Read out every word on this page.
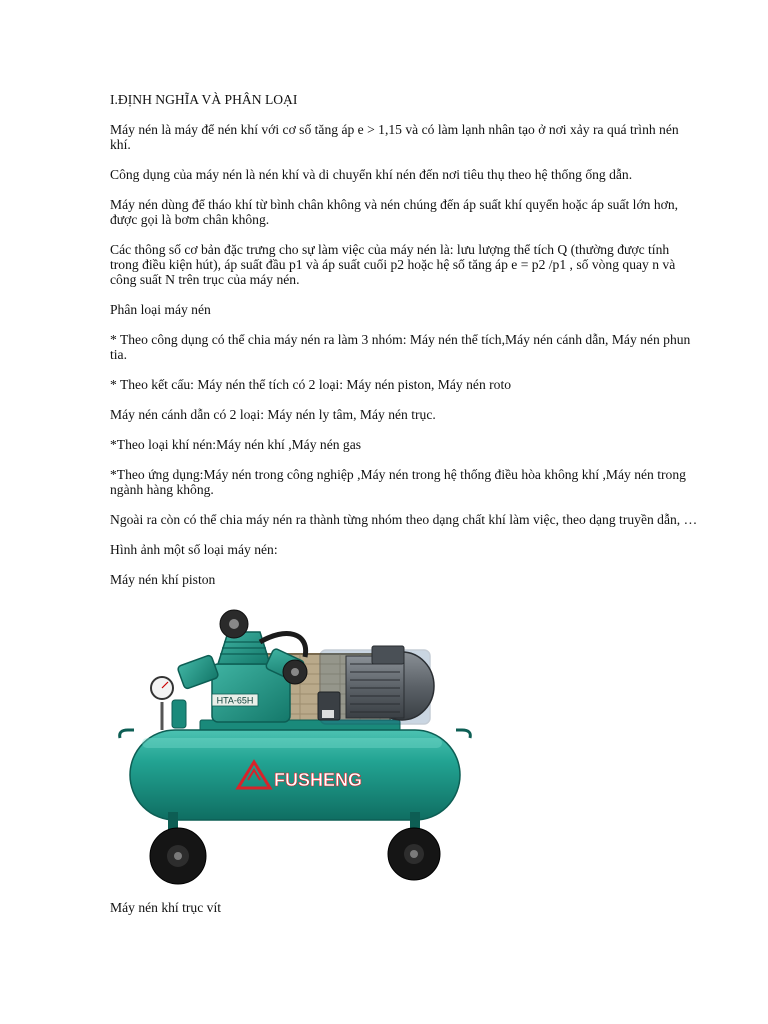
I.ĐỊNH NGHĨA VÀ PHÂN LOẠI

Máy nén là máy để nén khí với cơ số tăng áp e > 1,15 và có làm lạnh nhân tạo ở nơi xảy ra quá trình nén khí.

Công dụng của máy nén là nén khí và di chuyển khí nén đến nơi tiêu thụ theo hệ thống ống dẫn.

Máy nén dùng để tháo khí từ bình chân không và nén chúng đến áp suất khí quyển hoặc áp suất lớn hơn, được gọi là bơm chân không.

Các thông số cơ bản đặc trưng cho sự làm việc của máy nén là: lưu lượng thể tích Q (thường được tính trong điều kiện hút), áp suất đầu p1 và áp suất cuối p2 hoặc hệ số tăng áp e = p2 /p1 , số vòng quay n và công suất N trên trục của máy nén.

Phân loại máy nén

* Theo công dụng có thể chia máy nén ra làm 3 nhóm: Máy nén thể tích,Máy nén cánh dẫn, Máy nén phun tia.

* Theo kết cấu: Máy nén thể tích có 2 loại: Máy nén piston, Máy nén roto

Máy nén cánh dẫn có 2 loại: Máy nén ly tâm, Máy nén trục.

*Theo loại khí nén:Máy nén khí ,Máy nén gas

*Theo ứng dụng:Máy nén trong công nghiệp ,Máy nén trong hệ thống điều hòa không khí ,Máy nén trong ngành hàng không.

Ngoài ra còn có thể chia máy nén ra thành từng nhóm theo dạng chất khí làm việc, theo dạng truyền dẫn, …

Hình ảnh một số loại máy nén:

Máy nén khí piston

HTA-65H
FUSHENG

Máy nén khí trục vít
